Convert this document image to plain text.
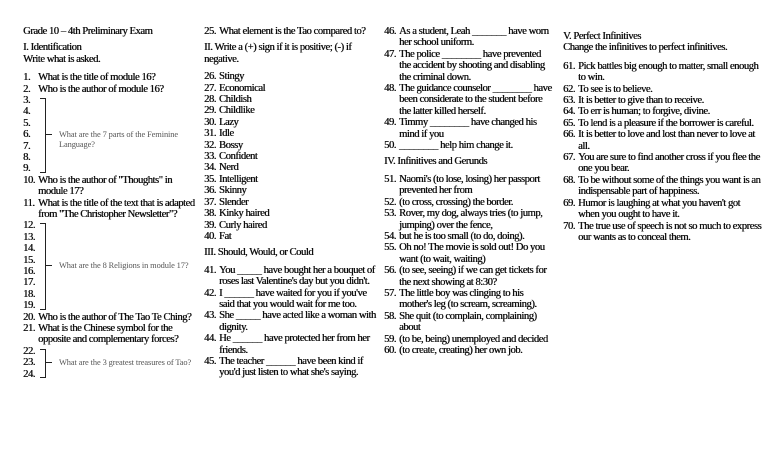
Grade 10 – 4th Preliminary Exam
I. Identification
Write what is asked.
1. What is the title of module 16?
2. Who is the author of module 16?
3.
4.
5.
6.
7.
8.
9.
What are the 7 parts of the Feminine Language?
10. Who is the author of "Thoughts" in module 17?
11. What is the title of the text that is adapted from "The Christopher Newsletter"?
12.
13.
14.
15.
16.
17.
18.
19.
What are the 8 Religions in module 17?
20. Who is the author of The Tao Te Ching?
21. What is the Chinese symbol for the opposite and complementary forces?
22.
23.
24.
What are the 3 greatest treasures of Tao?
25. What element is the Tao compared to?
II. Write a (+) sign if it is positive; (-) if negative.
26. Stingy
27. Economical
28. Childish
29. Childlike
30. Lazy
31. Idle
32. Bossy
33. Confident
34. Nerd
35. Intelligent
36. Skinny
37. Slender
38. Kinky haired
39. Curly haired
40. Fat
III. Should, Would, or Could
41. You _____ have bought her a bouquet of roses last Valentine's day but you didn't.
42. I ______ have waited for you if you've said that you would wait for me too.
43. She _____ have acted like a woman with dignity.
44. He ______ have protected her from her friends.
45. The teacher ______ have been kind if you'd just listen to what she's saying.
46. As a student, Leah _______ have worn her school uniform.
47. The police ________ have prevented the accident by shooting and disabling the criminal down.
48. The guidance counselor ________ have been considerate to the student before the latter killed herself.
49. Timmy ________ have changed his mind if you
50. ________ help him change it.
IV. Infinitives and Gerunds
51. Naomi's (to lose, losing) her passport prevented her from
52. (to cross, crossing) the border.
53. Rover, my dog, always tries (to jump, jumping) over the fence,
54. but he is too small (to do, doing).
55. Oh no! The movie is sold out! Do you want (to wait, waiting)
56. (to see, seeing) if we can get tickets for the next showing at 8:30?
57. The little boy was clinging to his mother's leg (to scream, screaming).
58. She quit (to complain, complaining) about
59. (to be, being) unemployed and decided
60. (to create, creating) her own job.
V. Perfect Infinitives
Change the infinitives to perfect infinitives.
61. Pick battles big enough to matter, small enough to win.
62. To see is to believe.
63. It is better to give than to receive.
64. To err is human; to forgive, divine.
65. To lend is a pleasure if the borrower is careful.
66. It is better to love and lost than never to love at all.
67. You are sure to find another cross if you flee the one you bear.
68. To be without some of the things you want is an indispensable part of happiness.
69. Humor is laughing at what you haven't got when you ought to have it.
70. The true use of speech is not so much to express our wants as to conceal them.
